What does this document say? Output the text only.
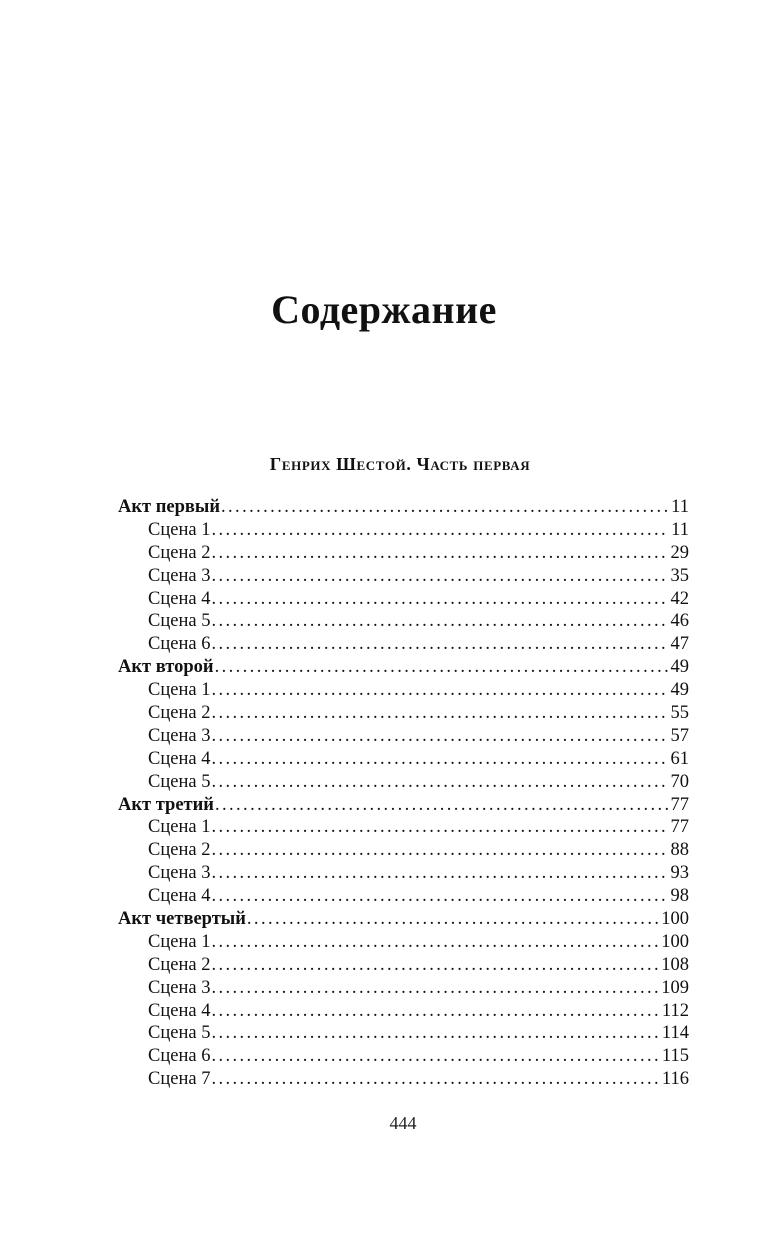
Содержание
Генрих Шестой. Часть первая
Акт первый .....	11
Сцена 1 .....	11
Сцена 2 .....	29
Сцена 3 .....	35
Сцена 4 .....	42
Сцена 5 .....	46
Сцена 6 .....	47
Акт второй .....	49
Сцена 1 .....	49
Сцена 2 .....	55
Сцена 3 .....	57
Сцена 4 .....	61
Сцена 5 .....	70
Акт третий .....	77
Сцена 1 .....	77
Сцена 2 .....	88
Сцена 3 .....	93
Сцена 4 .....	98
Акт четвертый .....	100
Сцена 1 .....	100
Сцена 2 .....	108
Сцена 3 .....	109
Сцена 4 .....	112
Сцена 5 .....	114
Сцена 6 .....	115
Сцена 7 .....	116
444
